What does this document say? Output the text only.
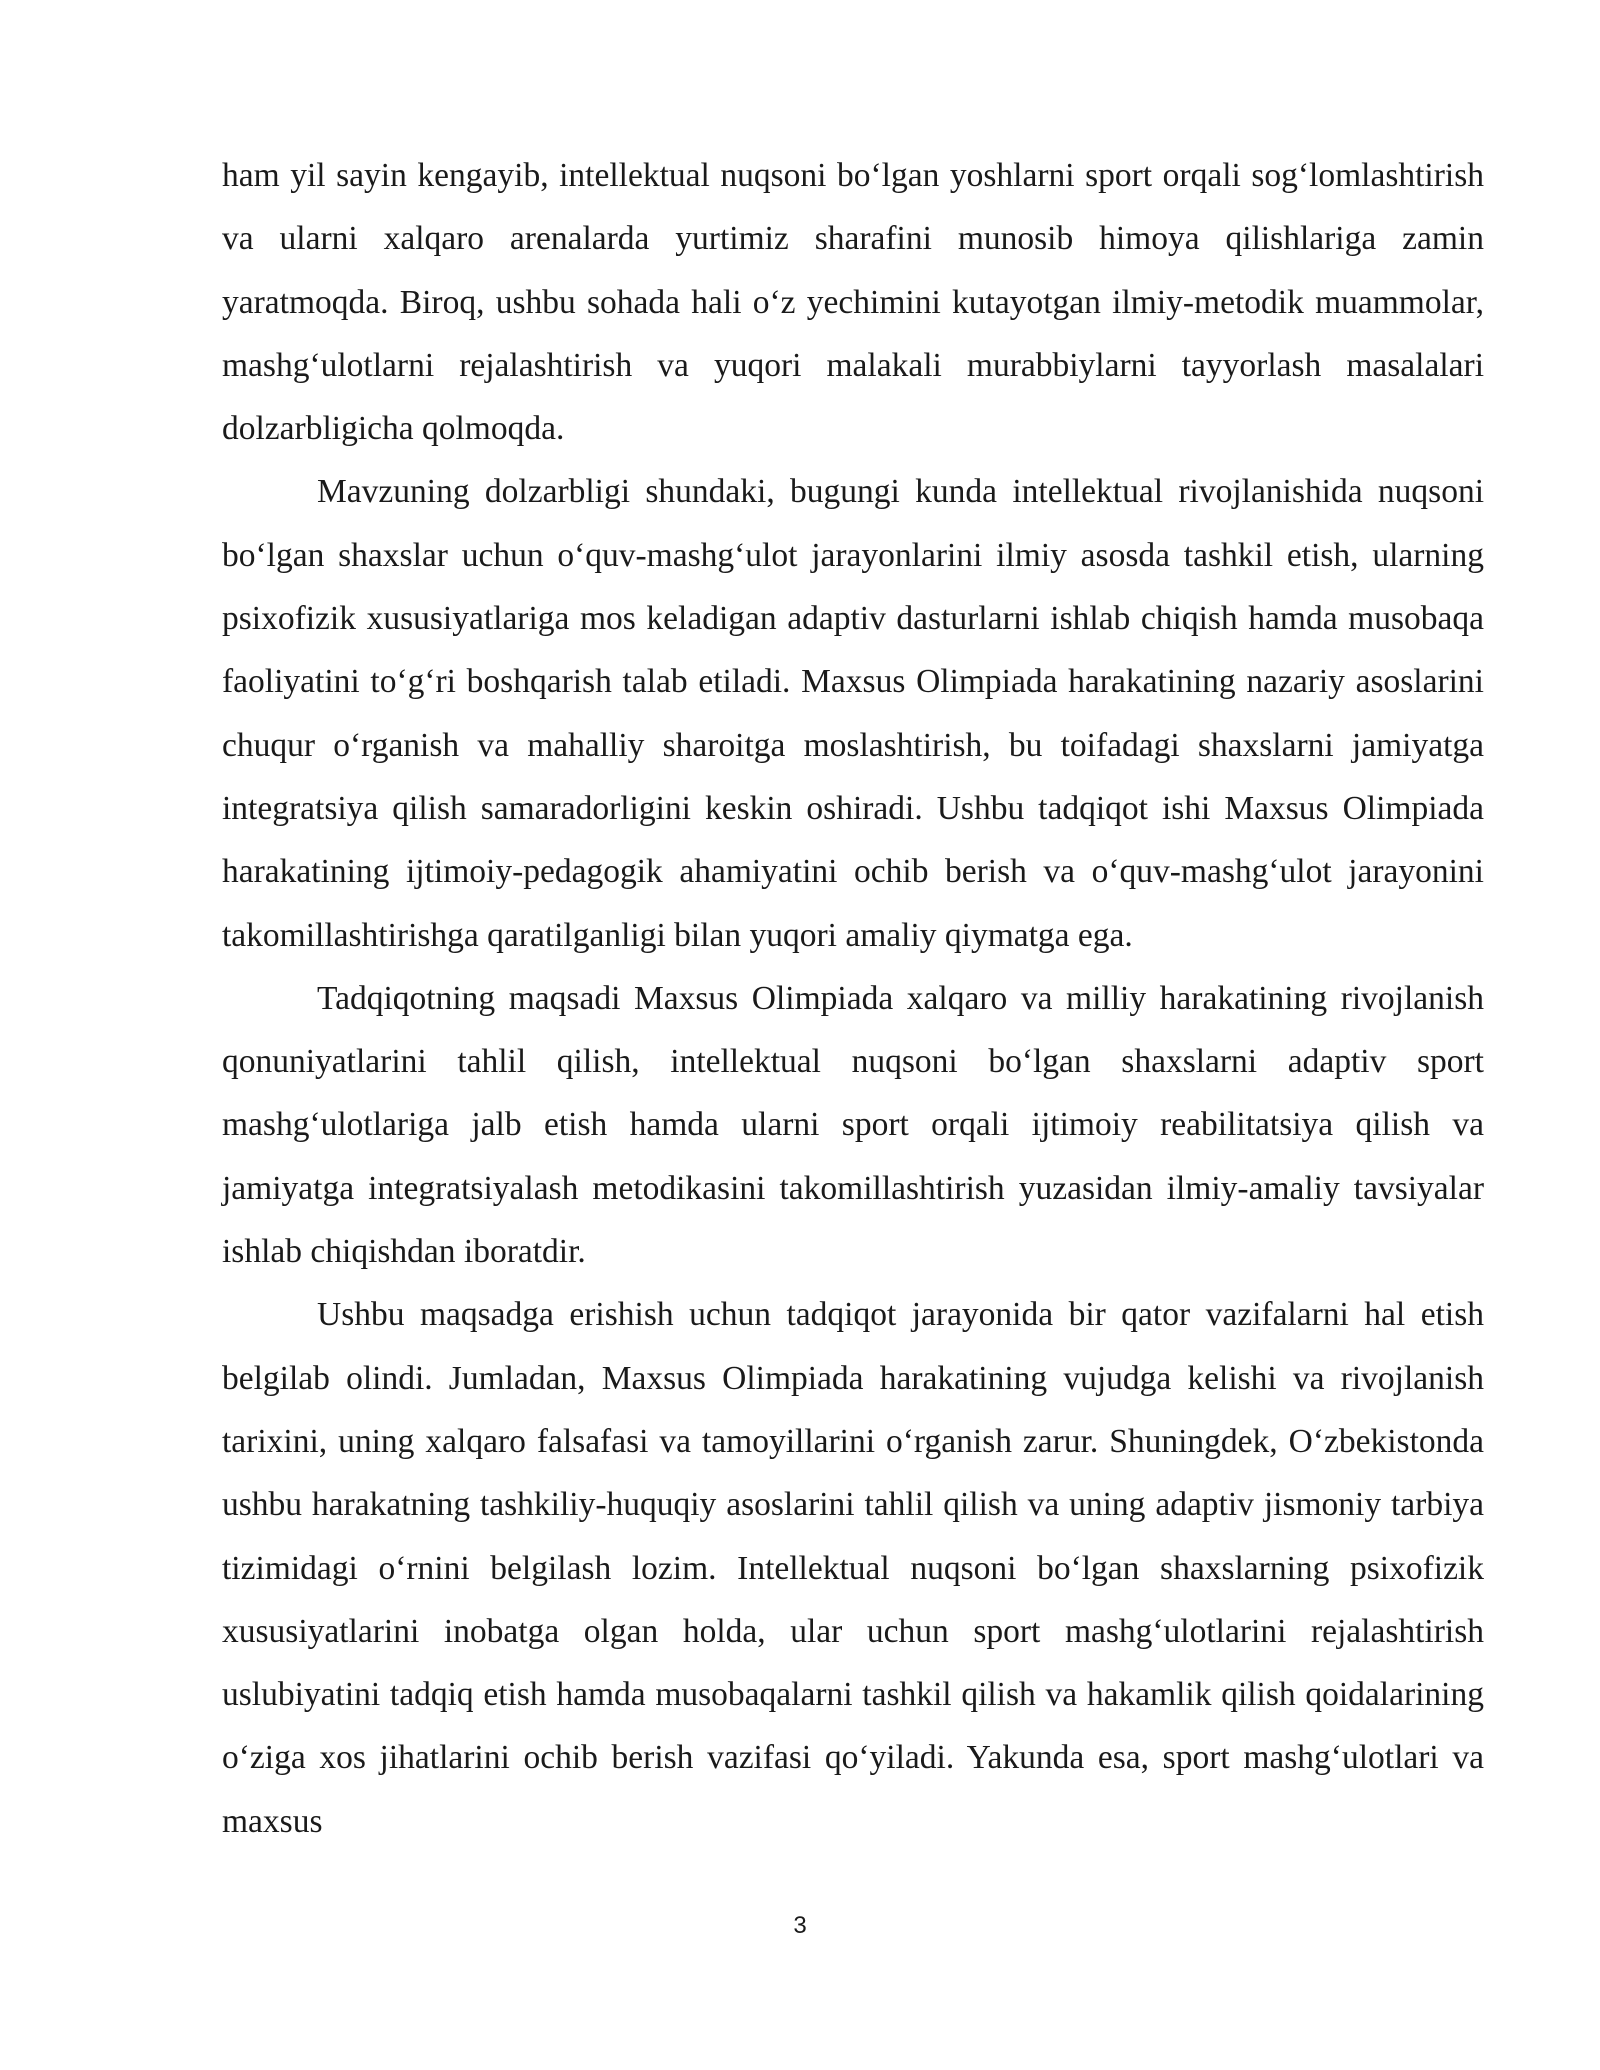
ham yil sayin kengayib, intellektual nuqsoni bo‘lgan yoshlarni sport orqali sog‘lomlashtirish va ularni xalqaro arenalarda yurtimiz sharafini munosib himoya qilishlariga zamin yaratmoqda. Biroq, ushbu sohada hali o‘z yechimini kutayotgan ilmiy-metodik muammolar, mashg‘ulotlarni rejalashtirish va yuqori malakali murabbiylarni tayyorlash masalalari dolzarbligicha qolmoqda.

Mavzuning dolzarbligi shundaki, bugungi kunda intellektual rivojlanishida nuqsoni bo‘lgan shaxslar uchun o‘quv-mashg‘ulot jarayonlarini ilmiy asosda tashkil etish, ularning psixofizik xususiyatlariga mos keladigan adaptiv dasturlarni ishlab chiqish hamda musobaqa faoliyatini to‘g‘ri boshqarish talab etiladi. Maxsus Olimpiada harakatining nazariy asoslarini chuqur o‘rganish va mahalliy sharoitga moslashtirish, bu toifadagi shaxslarni jamiyatga integratsiya qilish samaradorligini keskin oshiradi. Ushbu tadqiqot ishi Maxsus Olimpiada harakatining ijtimoiy-pedagogik ahamiyatini ochib berish va o‘quv-mashg‘ulot jarayonini takomillashtirishga qaratilganligi bilan yuqori amaliy qiymatga ega.

Tadqiqotning maqsadi Maxsus Olimpiada xalqaro va milliy harakatining rivojlanish qonuniyatlarini tahlil qilish, intellektual nuqsoni bo‘lgan shaxslarni adaptiv sport mashg‘ulotlariga jalb etish hamda ularni sport orqali ijtimoiy reabilitatsiya qilish va jamiyatga integratsiyalash metodikasini takomillashtirish yuzasidan ilmiy-amaliy tavsiyalar ishlab chiqishdan iboratdir.

Ushbu maqsadga erishish uchun tadqiqot jarayonida bir qator vazifalarni hal etish belgilab olindi. Jumladan, Maxsus Olimpiada harakatining vujudga kelishi va rivojlanish tarixini, uning xalqaro falsafasi va tamoyillarini o‘rganish zarur. Shuningdek, O‘zbekistonda ushbu harakatning tashkiliy-huquqiy asoslarini tahlil qilish va uning adaptiv jismoniy tarbiya tizimidagi o‘rnini belgilash lozim. Intellektual nuqsoni bo‘lgan shaxslarning psixofizik xususiyatlarini inobatga olgan holda, ular uchun sport mashg‘ulotlarini rejalashtirish uslubiyatini tadqiq etish hamda musobaqalarni tashkil qilish va hakamlik qilish qoidalarining o‘ziga xos jihatlarini ochib berish vazifasi qo‘yiladi. Yakunda esa, sport mashg‘ulotlari va maxsus

3
